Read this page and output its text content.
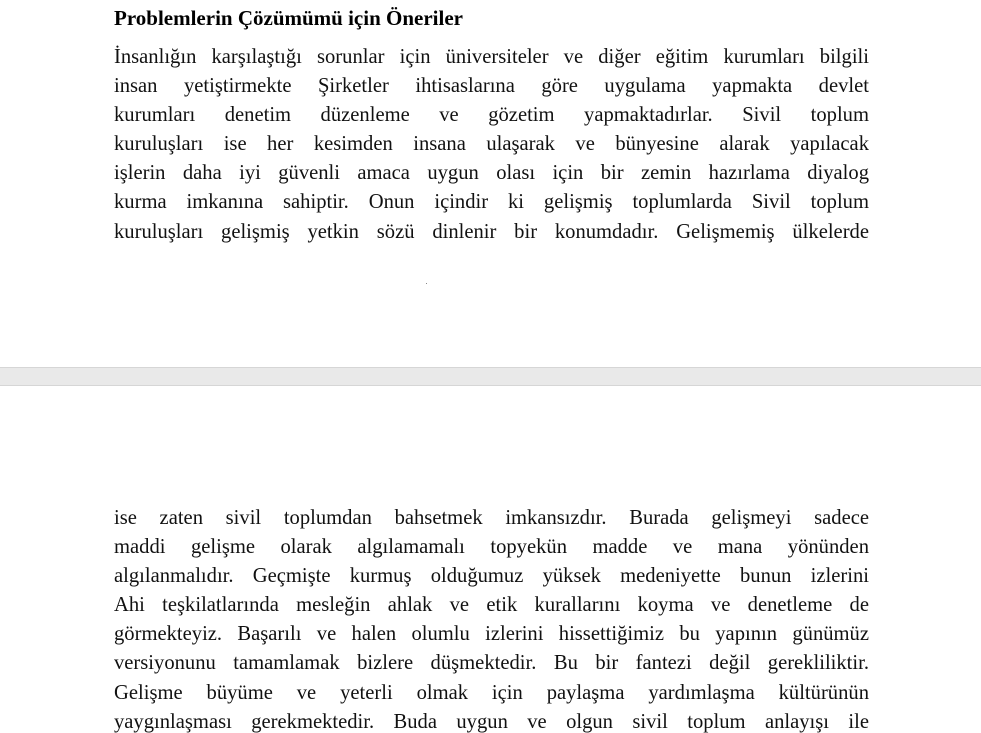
Problemlerin Çözümümü için Öneriler
İnsanlığın karşılaştığı sorunlar için üniversiteler ve diğer eğitim kurumları bilgili
insan yetiştirmekte Şirketler ihtisaslarına göre uygulama yapmakta devlet
kurumları denetim düzenleme ve gözetim yapmaktadırlar. Sivil toplum
kuruluşları ise her kesimden insana ulaşarak ve bünyesine alarak yapılacak
işlerin daha iyi güvenli amaca uygun olası için bir zemin hazırlama diyalog
kurma imkanına sahiptir. Onun içindir ki gelişmiş toplumlarda Sivil toplum
kuruluşları gelişmiş yetkin sözü dinlenir bir konumdadır. Gelişmemiş ülkelerde
ise zaten sivil toplumdan bahsetmek imkansızdır. Burada gelişmeyi sadece
maddi gelişme olarak algılamamalı topyekün madde ve mana yönünden
algılanmalıdır. Geçmişte kurmuş olduğumuz yüksek medeniyette bunun izlerini
Ahi teşkilatlarında mesleğin ahlak ve etik kurallarını koyma ve denetleme de
görmekteyiz. Başarılı ve halen olumlu izlerini hissettiğimiz bu yapının günümüz
versiyonunu tamamlamak bizlere düşmektedir. Bu bir fantezi değil gerekliliktir.
Gelişme büyüme ve yeterli olmak için paylaşma yardımlaşma kültürünün
yaygınlaşması gerekmektedir. Buda uygun ve olgun sivil toplum anlayışı ile
